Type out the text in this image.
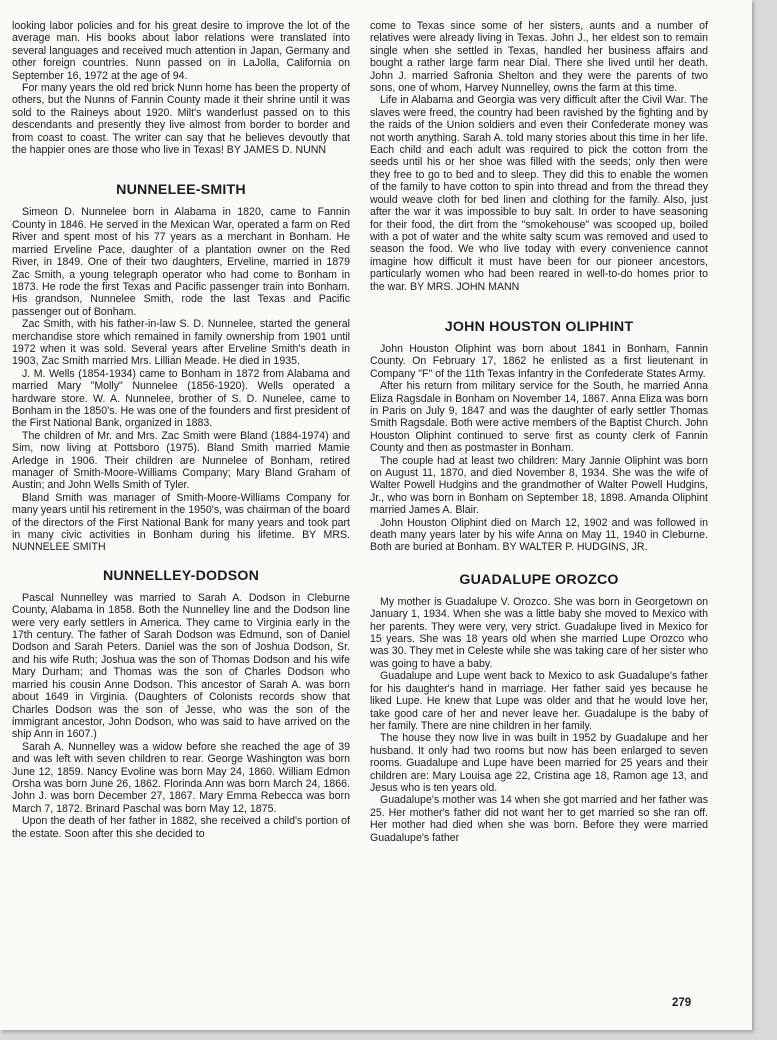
looking labor policies and for his great desire to improve the lot of the average man. His books about labor relations were translated into several languages and received much attention in Japan, Germany and other foreign countries. Nunn passed on in LaJolla, California on September 16, 1972 at the age of 94.

For many years the old red brick Nunn home has been the property of others, but the Nunns of Fannin County made it their shrine until it was sold to the Raineys about 1920. Milt's wanderlust passed on to this descendants and presently they live almost from border to border and from coast to coast. The writer can say that he believes devoutly that the happier ones are those who live in Texas! BY JAMES D. NUNN

NUNNELEE-SMITH

Simeon D. Nunnelee born in Alabama in 1820, came to Fannin County in 1846. He served in the Mexican War, operated a farm on Red River and spent most of his 77 years as a merchant in Bonham. He married Erveline Pace, daughter of a plantation owner on the Red River, in 1849. One of their two daughters, Erveline, married in 1879 Zac Smith, a young telegraph operator who had come to Bonham in 1873. He rode the first Texas and Pacific passenger train into Bonham. His grandson, Nunnelee Smith, rode the last Texas and Pacific passenger out of Bonham.

Zac Smith, with his father-in-law S. D. Nunnelee, started the general merchandise store which remained in family ownership from 1901 until 1972 when it was sold. Several years after Erveline Smith's death in 1903, Zac Smith married Mrs. Lillian Meade. He died in 1935.

J. M. Wells (1854-1934) came to Bonham in 1872 from Alabama and married Mary "Molly" Nunnelee (1856-1920). Wells operated a hardware store. W. A. Nunnelee, brother of S. D. Nunelee, came to Bonham in the 1850's. He was one of the founders and first president of the First National Bank, organized in 1883.

The children of Mr. and Mrs. Zac Smith were Bland (1884-1974) and Sim, now living at Pottsboro (1975). Bland Smith married Mamie Arledge in 1906. Their children are Nunnelee of Bonham, retired manager of Smith-Moore-Williams Company; Mary Bland Graham of Austin; and John Wells Smith of Tyler.

Bland Smith was manager of Smith-Moore-Williams Company for many years until his retirement in the 1950's, was chairman of the board of the directors of the First National Bank for many years and took part in many civic activities in Bonham during his lifetime. BY MRS. NUNNELEE SMITH

NUNNELLEY-DODSON

Pascal Nunnelley was married to Sarah A. Dodson in Cleburne County, Alabama in 1858. Both the Nunnelley line and the Dodson line were very early settlers in America. They came to Virginia early in the 17th century. The father of Sarah Dodson was Edmund, son of Daniel Dodson and Sarah Peters. Daniel was the son of Joshua Dodson, Sr. and his wife Ruth; Joshua was the son of Thomas Dodson and his wife Mary Durham; and Thomas was the son of Charles Dodson who married his cousin Anne Dodson. This ancestor of Sarah A. was born about 1649 in Virginia. (Daughters of Colonists records show that Charles Dodson was the son of Jesse, who was the son of the immigrant ancestor, John Dodson, who was said to have arrived on the ship Ann in 1607.)

Sarah A. Nunnelley was a widow before she reached the age of 39 and was left with seven children to rear. George Washington was born June 12, 1859. Nancy Evoline was born May 24, 1860. William Edmon Orsha was born June 26, 1862. Florinda Ann was born March 24, 1866. John J. was born December 27, 1867. Mary Emma Rebecca was born March 7, 1872. Brinard Paschal was born May 12, 1875.

Upon the death of her father in 1882, she received a child's portion of the estate. Soon after this she decided to

come to Texas since some of her sisters, aunts and a number of relatives were already living in Texas. John J., her eldest son to remain single when she settled in Texas, handled her business affairs and bought a rather large farm near Dial. There she lived until her death. John J. married Safronia Shelton and they were the parents of two sons, one of whom, Harvey Nunnelley, owns the farm at this time.

Life in Alabama and Georgia was very difficult after the Civil War. The slaves were freed, the country had been ravished by the fighting and by the raids of the Union soldiers and even their Confederate money was not worth anything. Sarah A. told many stories about this time in her life. Each child and each adult was required to pick the cotton from the seeds until his or her shoe was filled with the seeds; only then were they free to go to bed and to sleep. They did this to enable the women of the family to have cotton to spin into thread and from the thread they would weave cloth for bed linen and clothing for the family. Also, just after the war it was impossible to buy salt. In order to have seasoning for their food, the dirt from the "smokehouse" was scooped up, boiled with a pot of water and the white salty scum was removed and used to season the food. We who live today with every convenience cannot imagine how difficult it must have been for our pioneer ancestors, particularly women who had been reared in well-to-do homes prior to the war. BY MRS. JOHN MANN

JOHN HOUSTON OLIPHINT

John Houston Oliphint was born about 1841 in Bonham, Fannin County. On February 17, 1862 he enlisted as a first lieutenant in Company "F" of the 11th Texas Infantry in the Confederate States Army.

After his return from military service for the South, he married Anna Eliza Ragsdale in Bonham on November 14, 1867. Anna Eliza was born in Paris on July 9, 1847 and was the daughter of early settler Thomas Smith Ragsdale. Both were active members of the Baptist Church. John Houston Oliphint continued to serve first as county clerk of Fannin County and then as postmaster in Bonham.

The couple had at least two children: Mary Jannie Oliphint was born on August 11, 1870, and died November 8, 1934. She was the wife of Walter Powell Hudgins and the grandmother of Walter Powell Hudgins, Jr., who was born in Bonham on September 18, 1898. Amanda Oliphint married James A. Blair.

John Houston Oliphint died on March 12, 1902 and was followed in death many years later by his wife Anna on May 11, 1940 in Cleburne. Both are buried at Bonham. BY WALTER P. HUDGINS, JR.

GUADALUPE OROZCO

My mother is Guadalupe V. Orozco. She was born in Georgetown on January 1, 1934. When she was a little baby she moved to Mexico with her parents. They were very, very strict. Guadalupe lived in Mexico for 15 years. She was 18 years old when she married Lupe Orozco who was 30. They met in Celeste while she was taking care of her sister who was going to have a baby.

Guadalupe and Lupe went back to Mexico to ask Guadalupe's father for his daughter's hand in marriage. Her father said yes because he liked Lupe. He knew that Lupe was older and that he would love her, take good care of her and never leave her. Guadalupe is the baby of her family. There are nine children in her family.

The house they now live in was built in 1952 by Guadalupe and her husband. It only had two rooms but now has been enlarged to seven rooms. Guadalupe and Lupe have been married for 25 years and their children are: Mary Louisa age 22, Cristina age 18, Ramon age 13, and Jesus who is ten years old.

Guadalupe's mother was 14 when she got married and her father was 25. Her mother's father did not want her to get married so she ran off. Her mother had died when she was born. Before they were married Guadalupe's father

279
